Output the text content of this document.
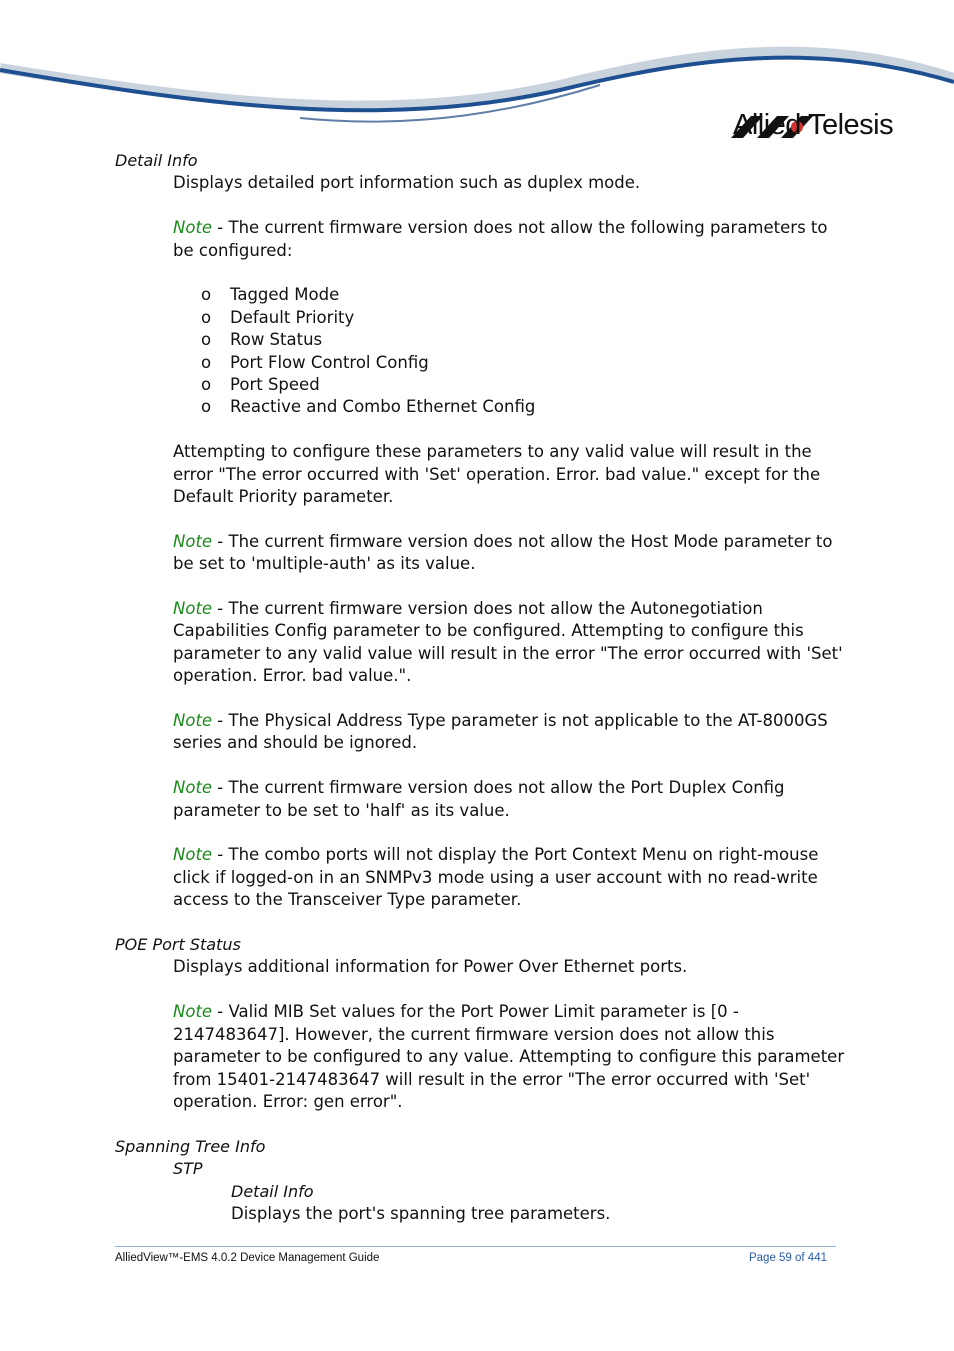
Allied Telesis
Detail Info
Displays detailed port information such as duplex mode.
Note - The current firmware version does not allow the following parameters to be configured:
o Tagged Mode
o Default Priority
o Row Status
o Port Flow Control Config
o Port Speed
o Reactive and Combo Ethernet Config
Attempting to configure these parameters to any valid value will result in the error "The error occurred with 'Set' operation. Error. bad value." except for the Default Priority parameter.
Note - The current firmware version does not allow the Host Mode parameter to be set to 'multiple-auth' as its value.
Note - The current firmware version does not allow the Autonegotiation Capabilities Config parameter to be configured. Attempting to configure this parameter to any valid value will result in the error "The error occurred with 'Set' operation. Error. bad value.".
Note - The Physical Address Type parameter is not applicable to the AT-8000GS series and should be ignored.
Note - The current firmware version does not allow the Port Duplex Config parameter to be set to 'half' as its value.
Note - The combo ports will not display the Port Context Menu on right-mouse click if logged-on in an SNMPv3 mode using a user account with no read-write access to the Transceiver Type parameter.
POE Port Status
Displays additional information for Power Over Ethernet ports.
Note - Valid MIB Set values for the Port Power Limit parameter is [0 - 2147483647]. However, the current firmware version does not allow this parameter to be configured to any value. Attempting to configure this parameter from 15401-2147483647 will result in the error "The error occurred with 'Set' operation. Error: gen error".
Spanning Tree Info
STP
Detail Info
Displays the port's spanning tree parameters.
AlliedView™-EMS 4.0.2 Device Management Guide	Page 59 of 441
